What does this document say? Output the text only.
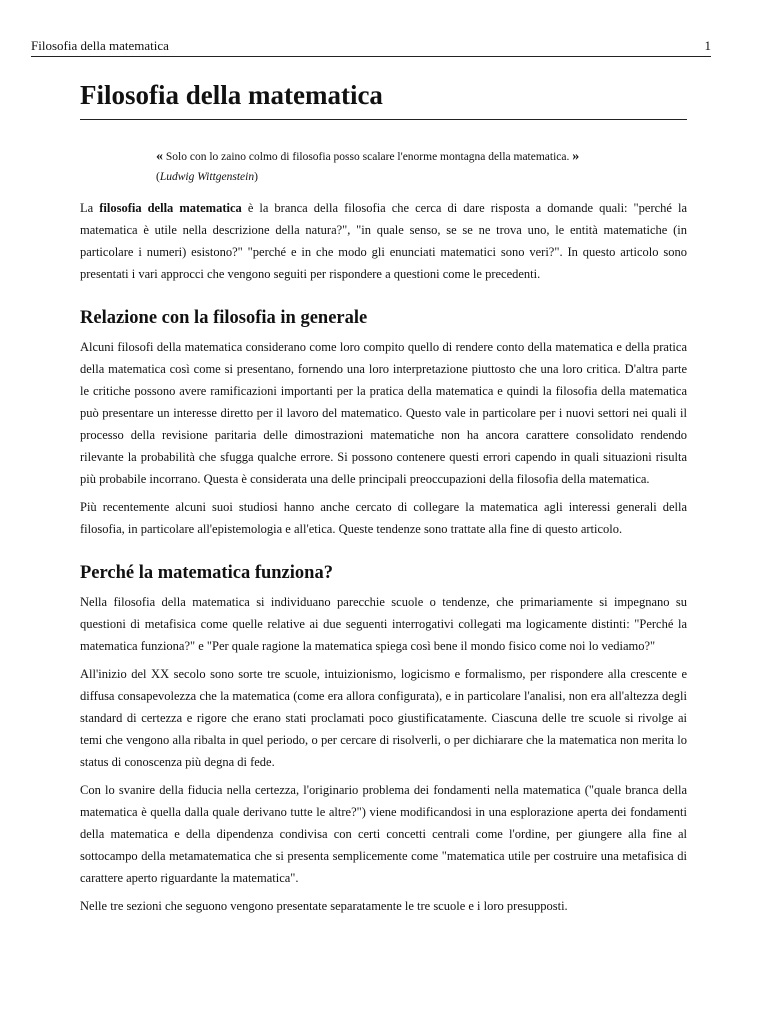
Filosofia della matematica	1
Filosofia della matematica
« Solo con lo zaino colmo di filosofia posso scalare l'enorme montagna della matematica. »
(Ludwig Wittgenstein)

La filosofia della matematica è la branca della filosofia che cerca di dare risposta a domande quali: "perché la matematica è utile nella descrizione della natura?", "in quale senso, se se ne trova uno, le entità matematiche (in particolare i numeri) esistono?" "perché e in che modo gli enunciati matematici sono veri?". In questo articolo sono presentati i vari approcci che vengono seguiti per rispondere a questioni come le precedenti.

Relazione con la filosofia in generale

Alcuni filosofi della matematica considerano come loro compito quello di rendere conto della matematica e della pratica della matematica così come si presentano, fornendo una loro interpretazione piuttosto che una loro critica. D'altra parte le critiche possono avere ramificazioni importanti per la pratica della matematica e quindi la filosofia della matematica può presentare un interesse diretto per il lavoro del matematico. Questo vale in particolare per i nuovi settori nei quali il processo della revisione paritaria delle dimostrazioni matematiche non ha ancora carattere consolidato rendendo rilevante la probabilità che sfugga qualche errore. Si possono contenere questi errori capendo in quali situazioni risulta più probabile incorrano. Questa è considerata una delle principali preoccupazioni della filosofia della matematica.

Più recentemente alcuni suoi studiosi hanno anche cercato di collegare la matematica agli interessi generali della filosofia, in particolare all'epistemologia e all'etica. Queste tendenze sono trattate alla fine di questo articolo.

Perché la matematica funziona?

Nella filosofia della matematica si individuano parecchie scuole o tendenze, che primariamente si impegnano su questioni di metafisica come quelle relative ai due seguenti interrogativi collegati ma logicamente distinti: "Perché la matematica funziona?" e "Per quale ragione la matematica spiega così bene il mondo fisico come noi lo vediamo?"

All'inizio del XX secolo sono sorte tre scuole, intuizionismo, logicismo e formalismo, per rispondere alla crescente e diffusa consapevolezza che la matematica (come era allora configurata), e in particolare l'analisi, non era all'altezza degli standard di certezza e rigore che erano stati proclamati poco giustificatamente. Ciascuna delle tre scuole si rivolge ai temi che vengono alla ribalta in quel periodo, o per cercare di risolverli, o per dichiarare che la matematica non merita lo status di conoscenza più degna di fede.

Con lo svanire della fiducia nella certezza, l'originario problema dei fondamenti nella matematica ("quale branca della matematica è quella dalla quale derivano tutte le altre?") viene modificandosi in una esplorazione aperta dei fondamenti della matematica e della dipendenza condivisa con certi concetti centrali come l'ordine, per giungere alla fine al sottocampo della metamatematica che si presenta semplicemente come "matematica utile per costruire una metafisica di carattere aperto riguardante la matematica".

Nelle tre sezioni che seguono vengono presentate separatamente le tre scuole e i loro presupposti.
